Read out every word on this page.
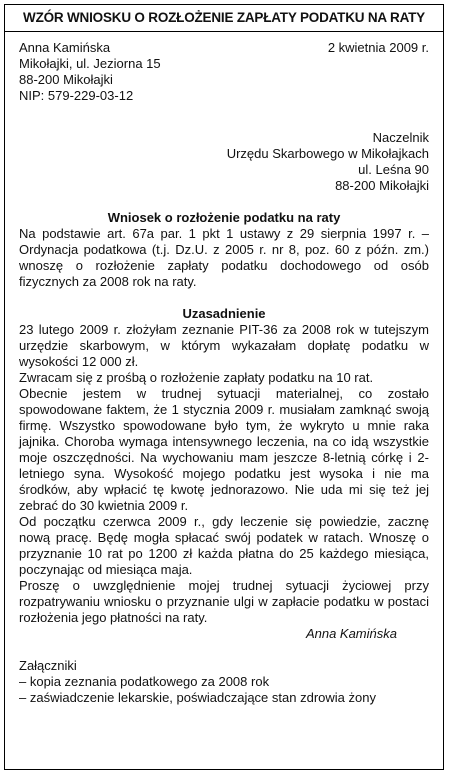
WZÓR WNIOSKU O ROZŁOŻENIE ZAPŁATY PODATKU NA RATY
Anna Kamińska
Mikołajki, ul. Jeziorna 15
88-200 Mikołajki
NIP: 579-229-03-12
2 kwietnia 2009 r.
Naczelnik
Urzędu Skarbowego w Mikołajkach
ul. Leśna 90
88-200 Mikołajki
Wniosek o rozłożenie podatku na raty
Na podstawie art. 67a par. 1 pkt 1 ustawy z 29 sierpnia 1997 r. – Ordynacja podatkowa (t.j. Dz.U. z 2005 r. nr 8, poz. 60 z późn. zm.) wnoszę o rozłożenie zapłaty podatku dochodowego od osób fizycznych za 2008 rok na raty.
Uzasadnienie
23 lutego 2009 r. złożyłam zeznanie PIT-36 za 2008 rok w tutejszym urzędzie skarbowym, w którym wykazałam dopłatę podatku w wysokości 12 000 zł.
Zwracam się z prośbą o rozłożenie zapłaty podatku na 10 rat.
Obecnie jestem w trudnej sytuacji materialnej, co zostało spowodowane faktem, że 1 stycznia 2009 r. musiałam zamknąć swoją firmę. Wszystko spowodowane było tym, że wykryto u mnie raka jajnika. Choroba wymaga intensywnego leczenia, na co idą wszystkie moje oszczędności. Na wychowaniu mam jeszcze 8-letnią córkę i 2-letniego syna. Wysokość mojego podatku jest wysoka i nie ma środków, aby wpłacić tę kwotę jednorazowo. Nie uda mi się też jej zebrać do 30 kwietnia 2009 r.
Od początku czerwca 2009 r., gdy leczenie się powiedzie, zacznę nową pracę. Będę mogła spłacać swój podatek w ratach. Wnoszę o przyznanie 10 rat po 1200 zł każda płatna do 25 każdego miesiąca, poczynając od miesiąca maja.
Proszę o uwzględnienie mojej trudnej sytuacji życiowej przy rozpatrywaniu wniosku o przyznanie ulgi w zapłacie podatku w postaci rozłożenia jego płatności na raty.
Anna Kamińska
Załączniki
– kopia zeznania podatkowego za 2008 rok
– zaświadczenie lekarskie, poświadczające stan zdrowia żony
